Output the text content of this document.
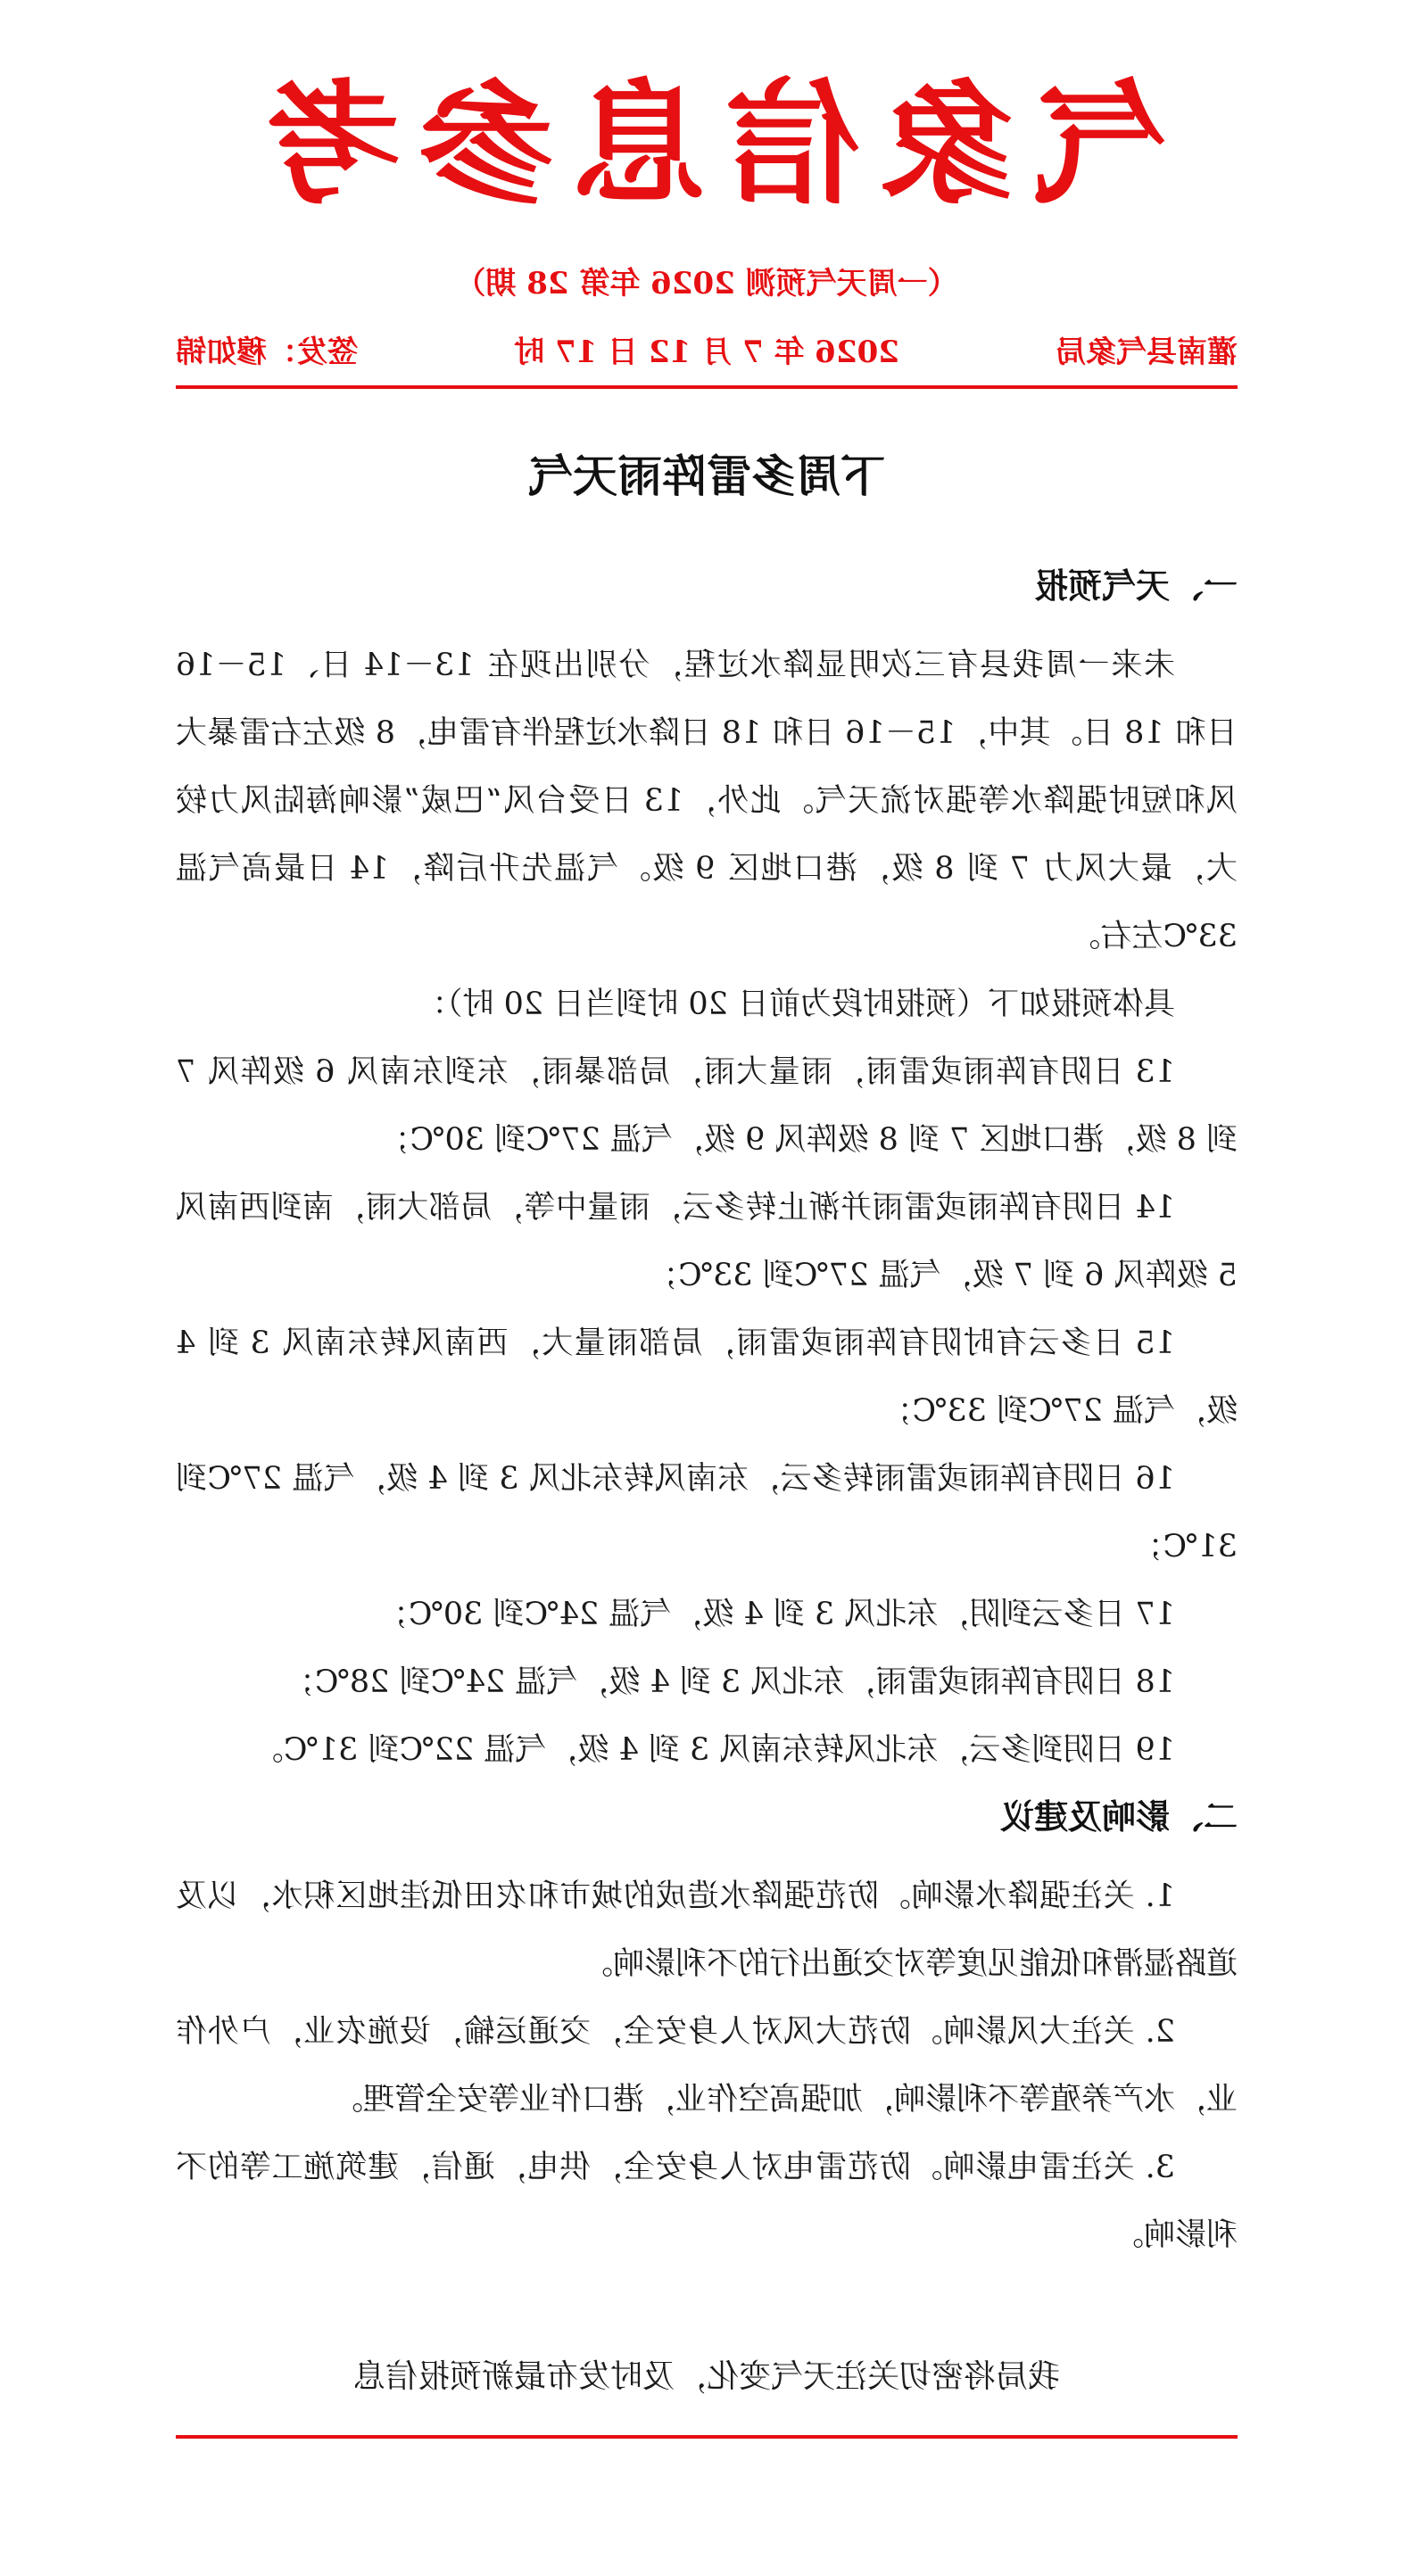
气象信息参考
（一周天气预测 2026 年第 28 期）
灌南县气象局
2026 年 7 月 12 日 17 时
签发：穆如锦
下周多雷阵雨天气
一、天气预报

未来一周我县有三次明显降水过程，分别出现在 13－14 日、15－16 日和 18 日。其中，15－16 日和 18 日降水过程伴有雷电，8 级左右雷暴大风和短时强降水等强对流天气。此外，13 日受台风“巴威”影响海陆风力较大，最大风力 7 到 8 级，港口地区 9 级。气温先升后降，14 日最高气温 33℃左右。

具体预报如下（预报时段为前日 20 时到当日 20 时）：

13 日阴有阵雨或雷雨，雨量大雨，局部暴雨，东到东南风 6 级阵风 7 到 8 级，港口地区 7 到 8 级阵风 9 级，气温 27℃到 30℃；

14 日阴有阵雨或雷雨并渐止转多云，雨量中等，局部大雨，南到西南风 5 级阵风 6 到 7 级，气温 27℃到 33℃；

15 日多云有时阴有阵雨或雷雨，局部雨量大，西南风转东南风 3 到 4 级，气温 27℃到 33℃；

16 日阴有阵雨或雷雨转多云，东南风转东北风 3 到 4 级，气温 27℃到 31℃；

17 日多云到阴，东北风 3 到 4 级，气温 24℃到 30℃；

18 日阴有阵雨或雷雨，东北风 3 到 4 级，气温 24℃到 28℃；

19 日阴到多云，东北风转东南风 3 到 4 级，气温 22℃到 31℃。

二、影响及建议

1. 关注强降水影响。防范强降水造成的城市和农田低洼地区积水，以及道路湿滑和低能见度等对交通出行的不利影响。

2. 关注大风影响。防范大风对人身安全，交通运输，设施农业，户外作业，水产养殖等不利影响，加强高空作业，港口作业等安全管理。

3. 关注雷电影响。防范雷电对人身安全，供电，通信，建筑施工等的不利影响。

我局将密切关注天气变化，及时发布最新预报信息
